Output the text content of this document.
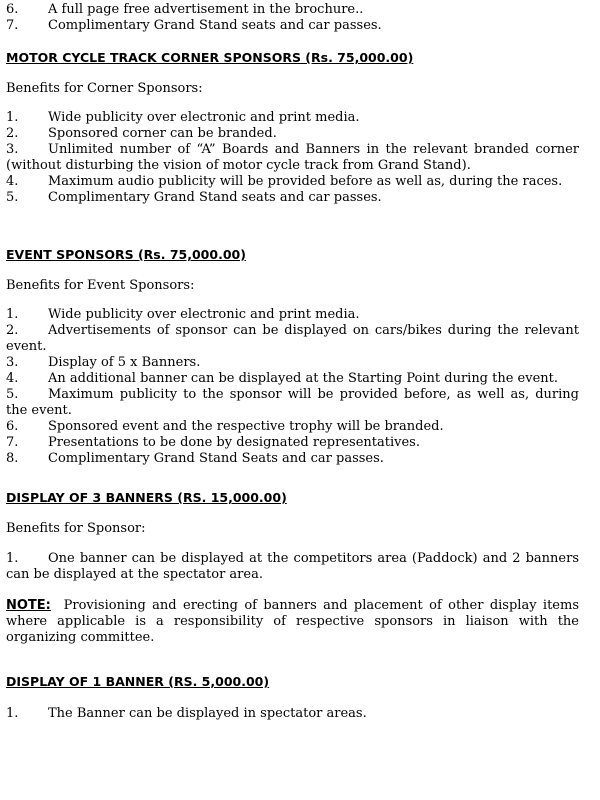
6. A full page free advertisement in the brochure..
7. Complimentary Grand Stand seats and car passes.
MOTOR CYCLE TRACK CORNER SPONSORS (Rs. 75,000.00)
Benefits for Corner Sponsors:
1. Wide publicity over electronic and print media.
2. Sponsored corner can be branded.
3. Unlimited number of “A” Boards and Banners in the relevant branded corner (without disturbing the vision of motor cycle track from Grand Stand).
4. Maximum audio publicity will be provided before as well as, during the races.
5. Complimentary Grand Stand seats and car passes.
EVENT SPONSORS (Rs. 75,000.00)
Benefits for Event Sponsors:
1. Wide publicity over electronic and print media.
2. Advertisements of sponsor can be displayed on cars/bikes during the relevant event.
3. Display of 5 x Banners.
4. An additional banner can be displayed at the Starting Point during the event.
5. Maximum publicity to the sponsor will be provided before, as well as, during the event.
6. Sponsored event and the respective trophy will be branded.
7. Presentations to be done by designated representatives.
8. Complimentary Grand Stand Seats and car passes.
DISPLAY OF 3 BANNERS (RS. 15,000.00)
Benefits for Sponsor:
1. One banner can be displayed at the competitors area (Paddock) and 2 banners can be displayed at the spectator area.
NOTE: Provisioning and erecting of banners and placement of other display items where applicable is a responsibility of respective sponsors in liaison with the organizing committee.
DISPLAY OF 1 BANNER (RS. 5,000.00)
1. The Banner can be displayed in spectator areas.
